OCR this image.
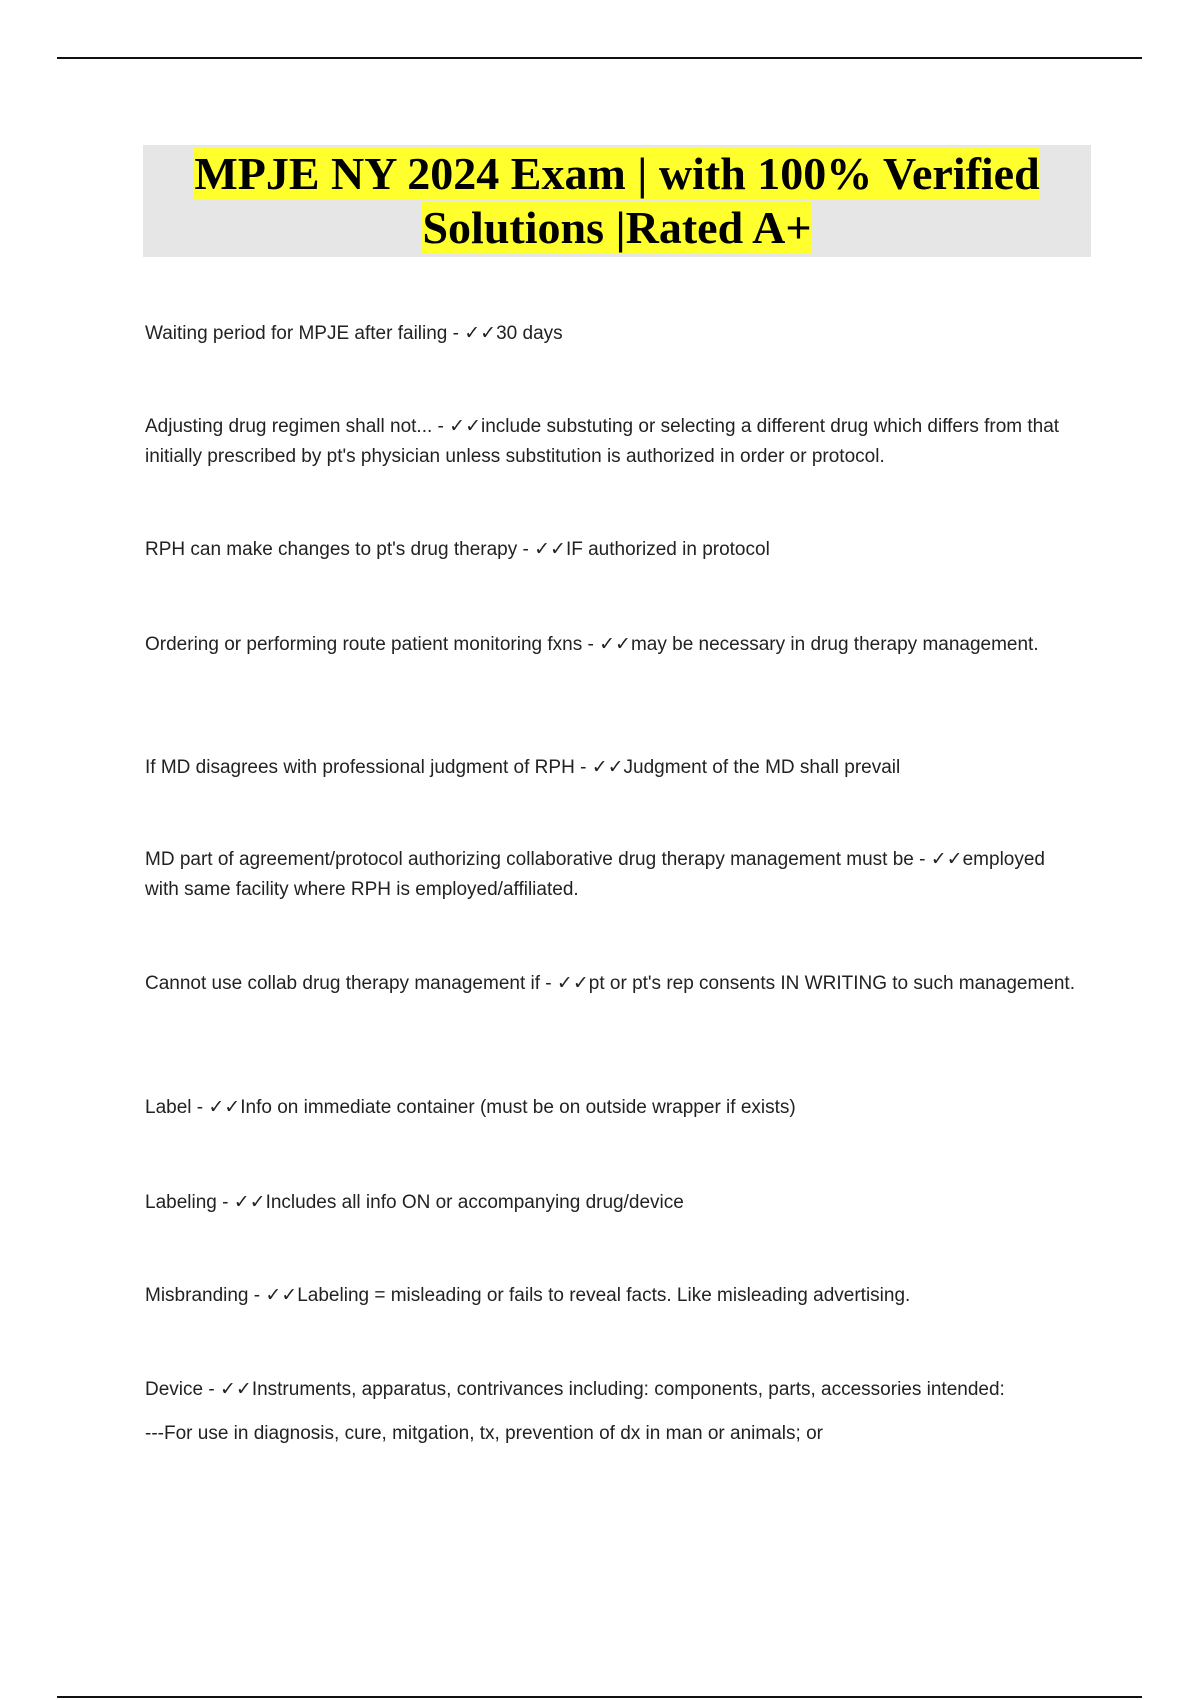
MPJE NY 2024 Exam | with 100% Verified
Solutions |Rated A+

Waiting period for MPJE after failing - ✓✓30 days

Adjusting drug regimen shall not... - ✓✓include substuting or selecting a different drug which differs from that initially prescribed by pt's physician unless substitution is authorized in order or protocol.

RPH can make changes to pt's drug therapy - ✓✓IF authorized in protocol

Ordering or performing route patient monitoring fxns - ✓✓may be necessary in drug therapy management.

If MD disagrees with professional judgment of RPH - ✓✓Judgment of the MD shall prevail

MD part of agreement/protocol authorizing collaborative drug therapy management must be - ✓✓employed with same facility where RPH is employed/affiliated.

Cannot use collab drug therapy management if - ✓✓pt or pt's rep consents IN WRITING to such management.

Label - ✓✓Info on immediate container (must be on outside wrapper if exists)

Labeling - ✓✓Includes all info ON or accompanying drug/device

Misbranding - ✓✓Labeling = misleading or fails to reveal facts. Like misleading advertising.

Device - ✓✓Instruments, apparatus, contrivances including: components, parts, accessories intended:

---For use in diagnosis, cure, mitgation, tx, prevention of dx in man or animals; or
